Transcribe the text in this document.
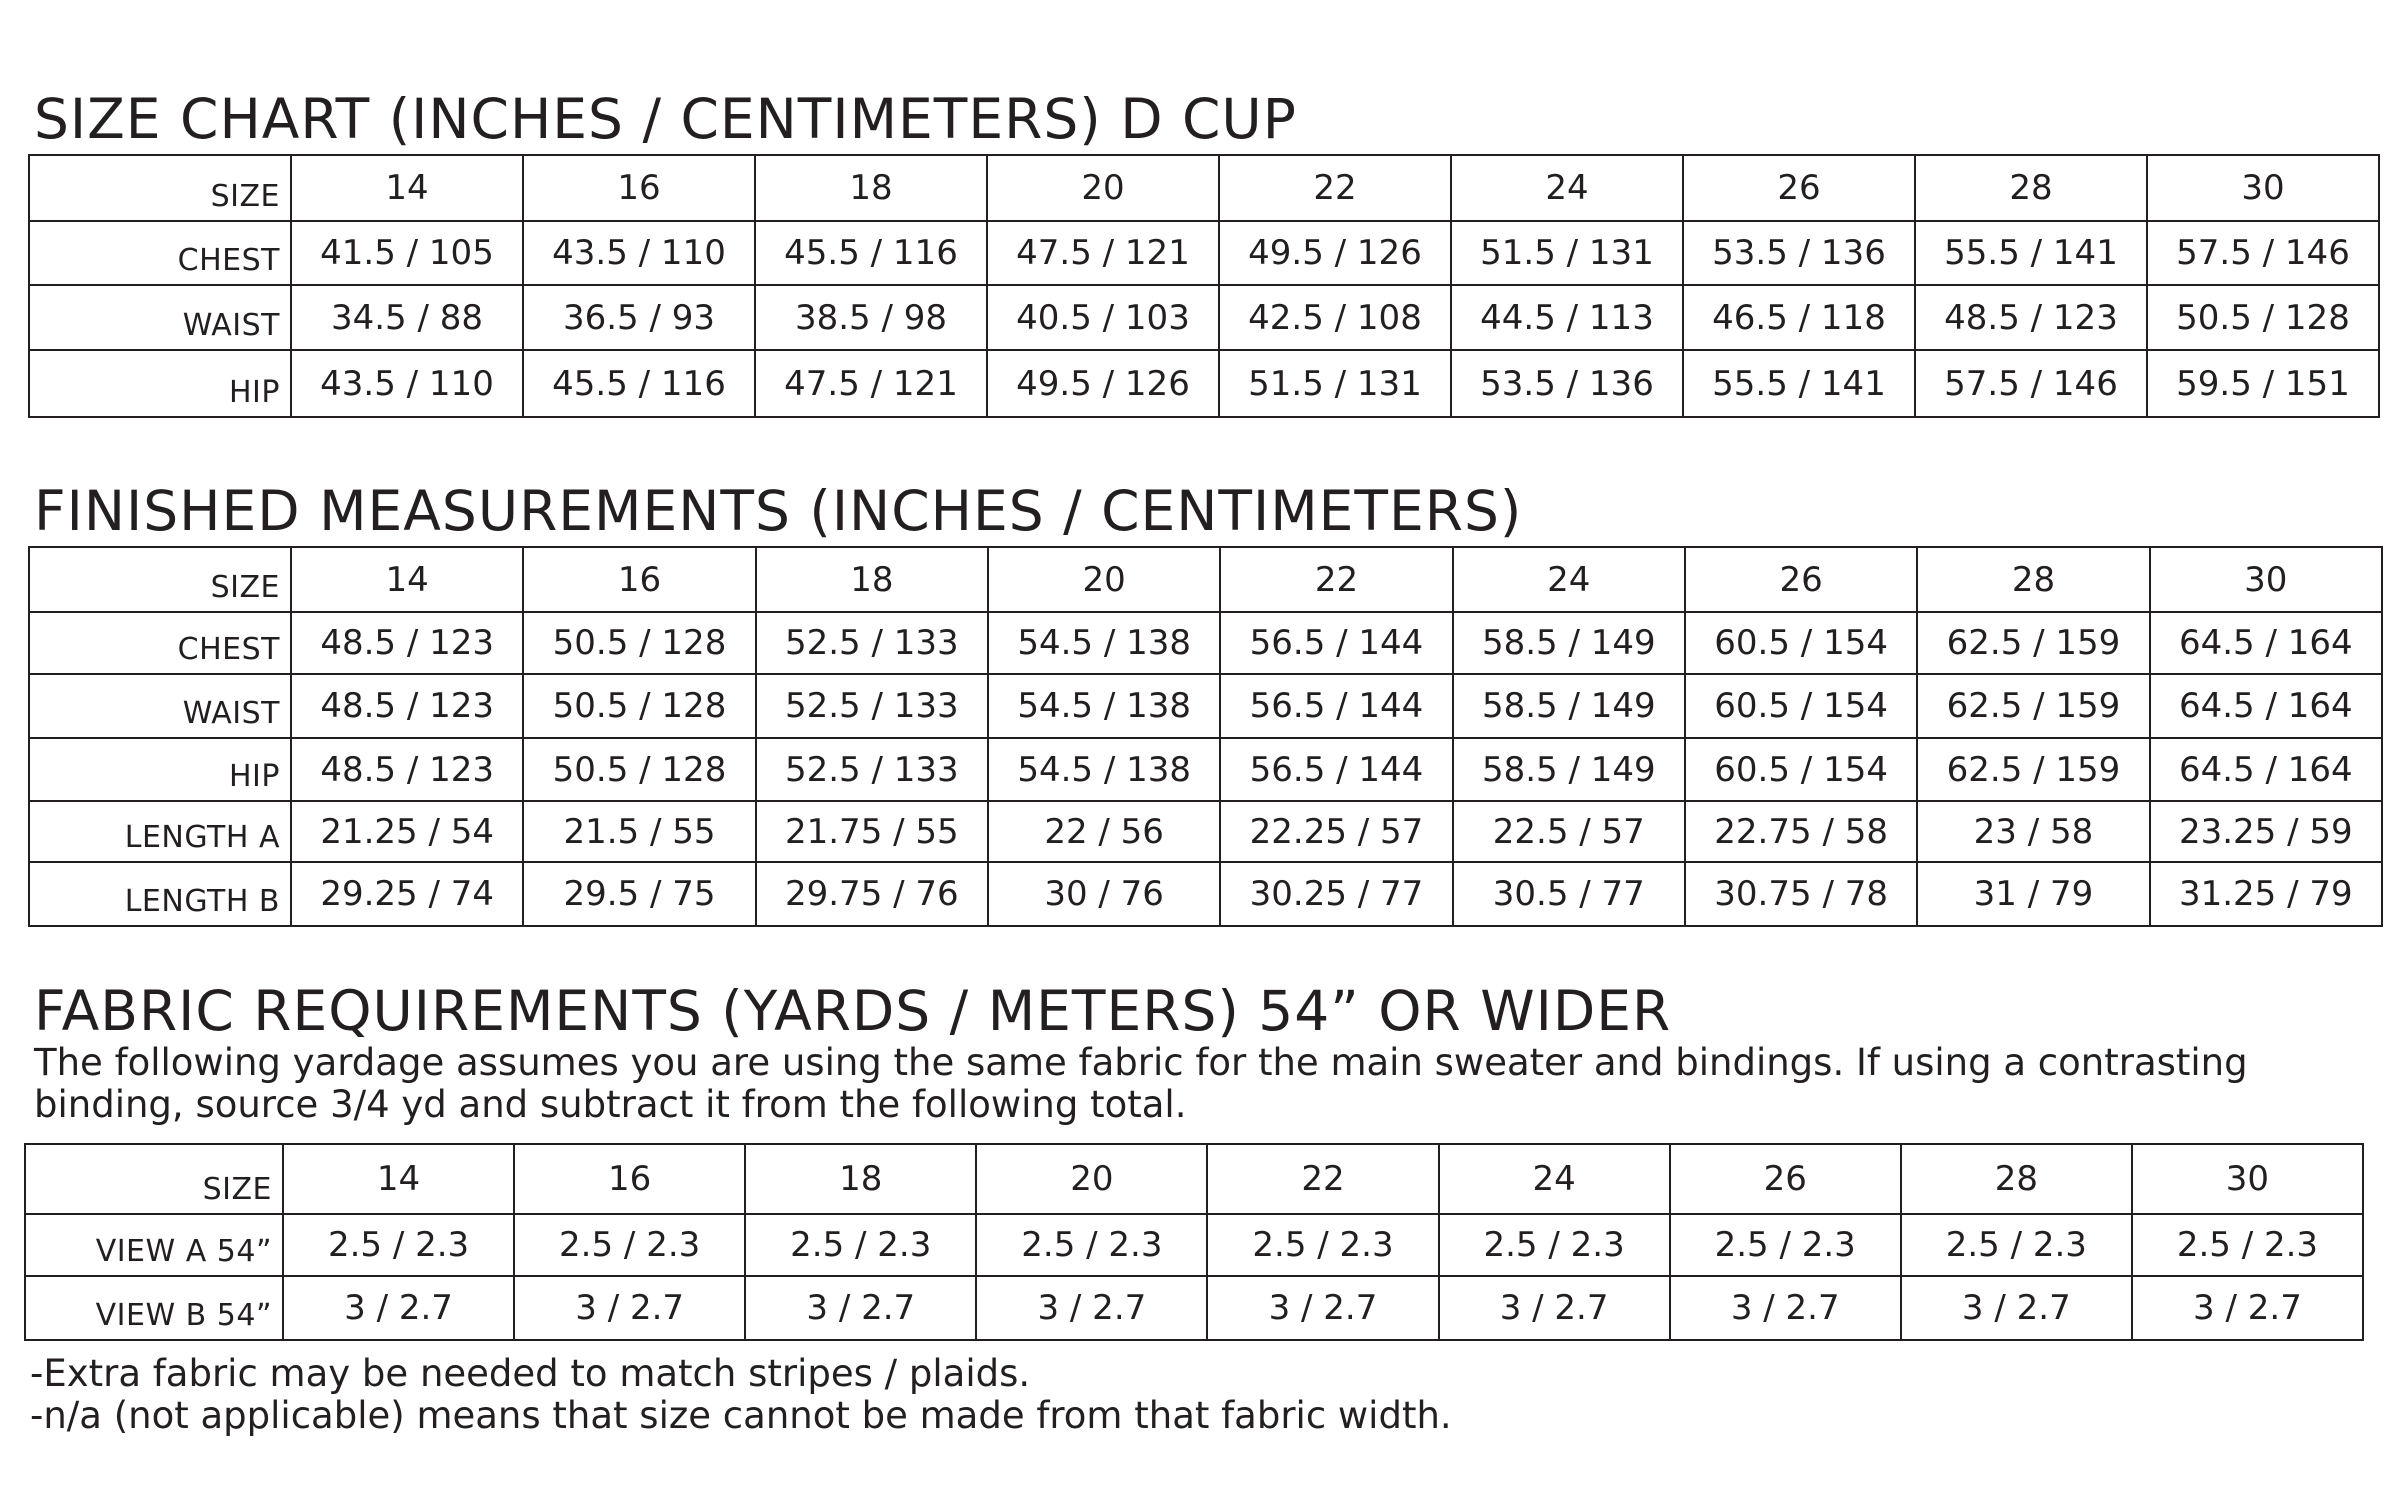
SIZE CHART (INCHES / CENTIMETERS) D CUP
SIZE	14	16	18	20	22	24	26	28	30
CHEST	41.5 / 105	43.5 / 110	45.5 / 116	47.5 / 121	49.5 / 126	51.5 / 131	53.5 / 136	55.5 / 141	57.5 / 146
WAIST	34.5 / 88	36.5 / 93	38.5 / 98	40.5 / 103	42.5 / 108	44.5 / 113	46.5 / 118	48.5 / 123	50.5 / 128
HIP	43.5 / 110	45.5 / 116	47.5 / 121	49.5 / 126	51.5 / 131	53.5 / 136	55.5 / 141	57.5 / 146	59.5 / 151
FINISHED MEASUREMENTS (INCHES / CENTIMETERS)
SIZE	14	16	18	20	22	24	26	28	30
CHEST	48.5 / 123	50.5 / 128	52.5 / 133	54.5 / 138	56.5 / 144	58.5 / 149	60.5 / 154	62.5 / 159	64.5 / 164
WAIST	48.5 / 123	50.5 / 128	52.5 / 133	54.5 / 138	56.5 / 144	58.5 / 149	60.5 / 154	62.5 / 159	64.5 / 164
HIP	48.5 / 123	50.5 / 128	52.5 / 133	54.5 / 138	56.5 / 144	58.5 / 149	60.5 / 154	62.5 / 159	64.5 / 164
LENGTH A	21.25 / 54	21.5 / 55	21.75 / 55	22 / 56	22.25 / 57	22.5 / 57	22.75 / 58	23 / 58	23.25 / 59
LENGTH B	29.25 / 74	29.5 / 75	29.75 / 76	30 / 76	30.25 / 77	30.5 / 77	30.75 / 78	31 / 79	31.25 / 79
FABRIC REQUIREMENTS (YARDS / METERS) 54” OR WIDER

The following yardage assumes you are using the same fabric for the main sweater and bindings. If using a contrasting binding, source 3/4 yd and subtract it from the following total.

SIZE	14	16	18	20	22	24	26	28	30
VIEW A 54”	2.5 / 2.3	2.5 / 2.3	2.5 / 2.3	2.5 / 2.3	2.5 / 2.3	2.5 / 2.3	2.5 / 2.3	2.5 / 2.3	2.5 / 2.3
VIEW B 54”	3 / 2.7	3 / 2.7	3 / 2.7	3 / 2.7	3 / 2.7	3 / 2.7	3 / 2.7	3 / 2.7	3 / 2.7

-Extra fabric may be needed to match stripes / plaids.

-n/a (not applicable) means that size cannot be made from that fabric width.
